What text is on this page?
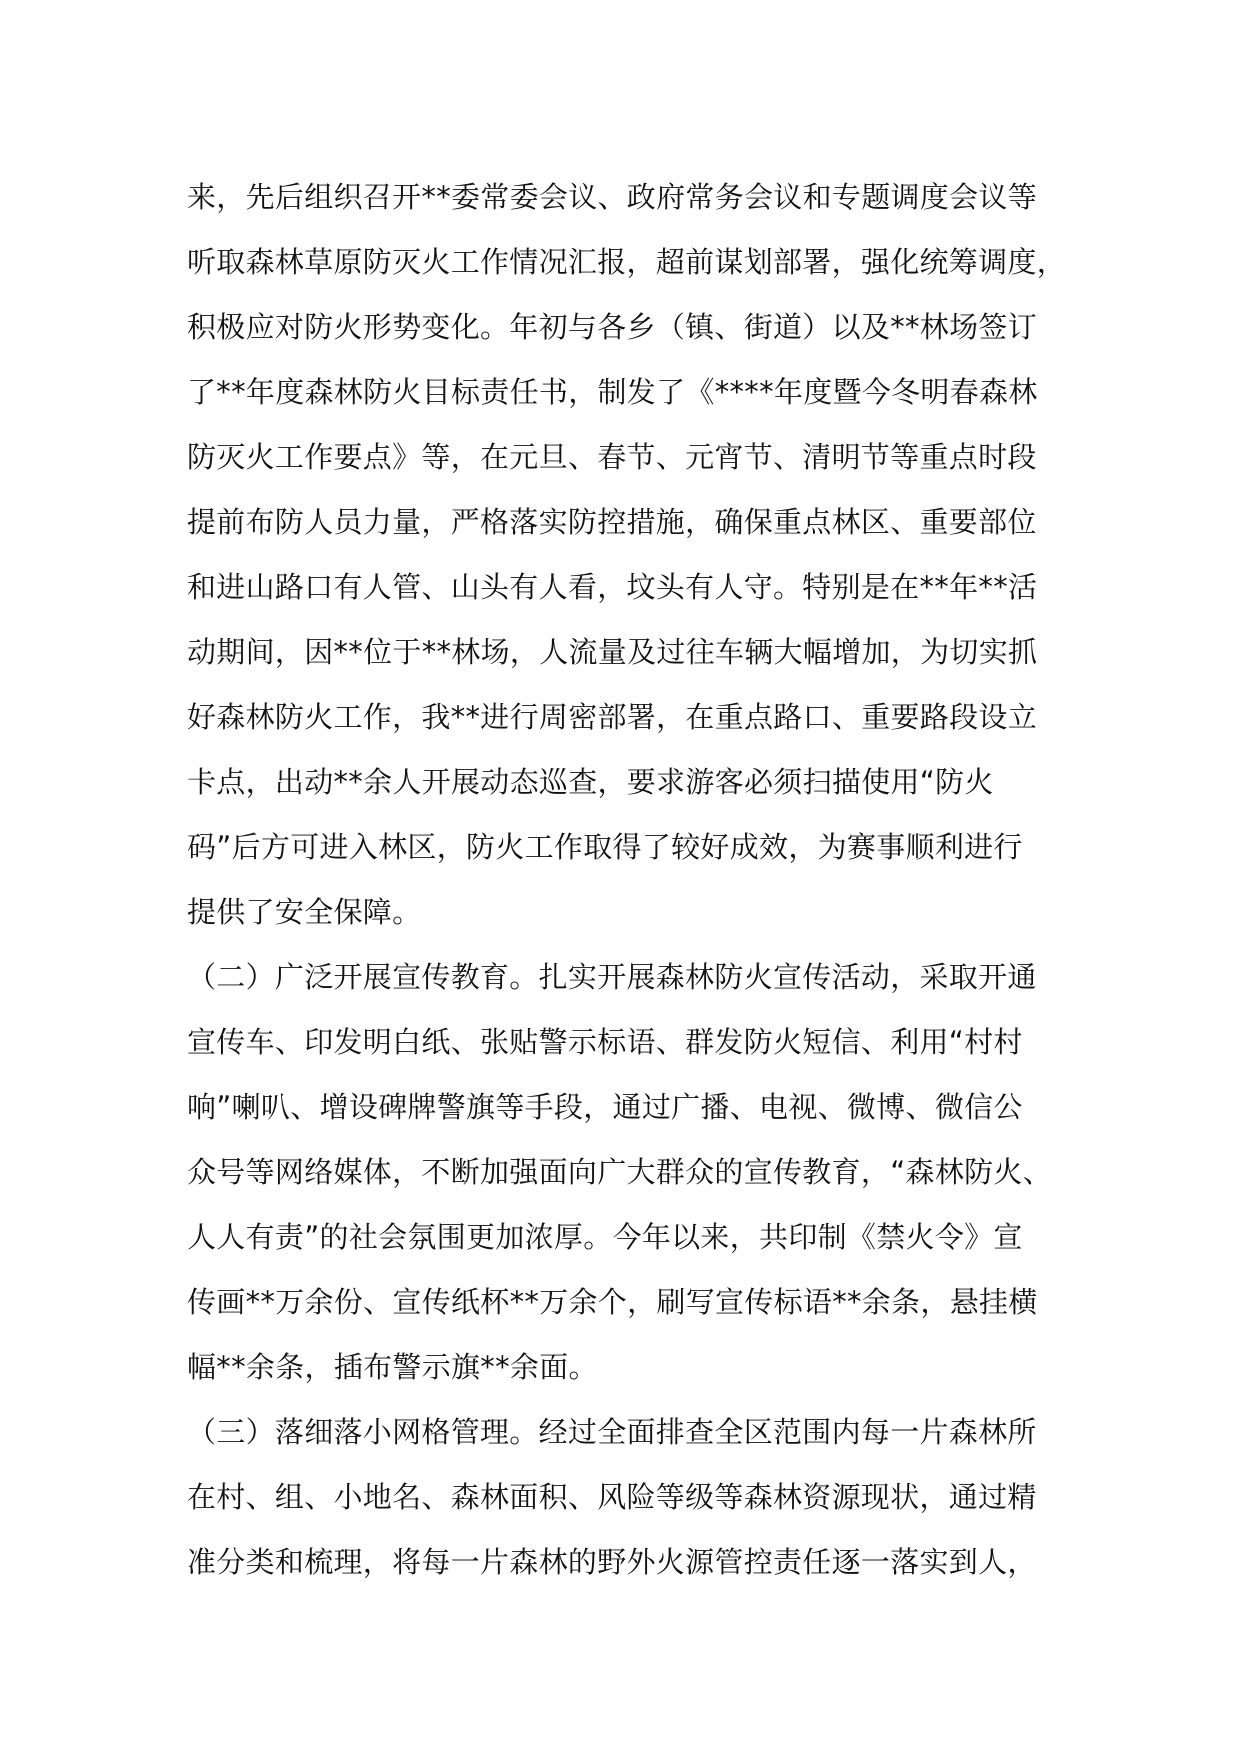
来，先后组织召开**委常委会议、政府常务会议和专题调度会议等
听取森林草原防灭火工作情况汇报，超前谋划部署，强化统筹调度，
积极应对防火形势变化。年初与各乡（镇、街道）以及**林场签订
了**年度森林防火目标责任书，制发了《****年度暨今冬明春森林
防灭火工作要点》等，在元旦、春节、元宵节、清明节等重点时段
提前布防人员力量，严格落实防控措施，确保重点林区、重要部位
和进山路口有人管、山头有人看，坟头有人守。特别是在**年**活
动期间，因**位于**林场，人流量及过往车辆大幅增加，为切实抓
好森林防火工作，我**进行周密部署，在重点路口、重要路段设立
卡点，出动**余人开展动态巡查，要求游客必须扫描使用“防火
码”后方可进入林区，防火工作取得了较好成效，为赛事顺利进行
提供了安全保障。
（二）广泛开展宣传教育。扎实开展森林防火宣传活动，采取开通
宣传车、印发明白纸、张贴警示标语、群发防火短信、利用“村村
响”喇叭、增设碑牌警旗等手段，通过广播、电视、微博、微信公
众号等网络媒体，不断加强面向广大群众的宣传教育，“森林防火、
人人有责”的社会氛围更加浓厚。今年以来，共印制《禁火令》宣
传画**万余份、宣传纸杯**万余个，刷写宣传标语**余条，悬挂横
幅**余条，插布警示旗**余面。
（三）落细落小网格管理。经过全面排查全区范围内每一片森林所
在村、组、小地名、森林面积、风险等级等森林资源现状，通过精
准分类和梳理，将每一片森林的野外火源管控责任逐一落实到人，
